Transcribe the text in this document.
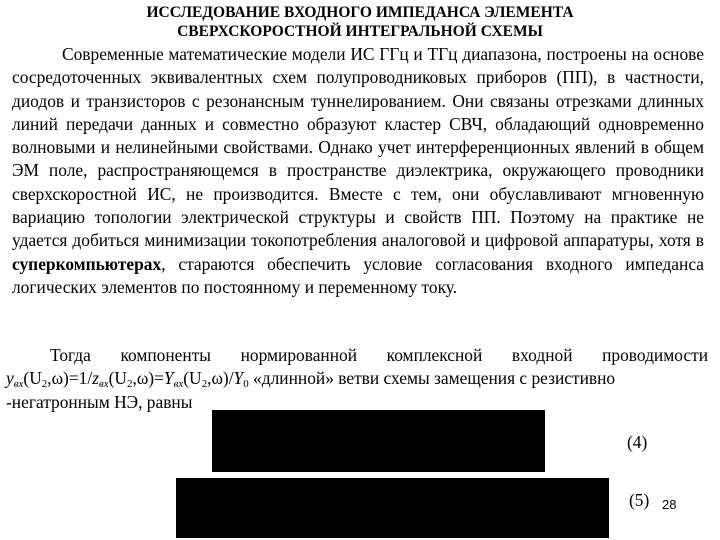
ИССЛЕДОВАНИЕ ВХОДНОГО ИМПЕДАНСА ЭЛЕМЕНТА
СВЕРХСКОРОСТНОЙ ИНТЕГРАЛЬНОЙ СХЕМЫ
Современные математические модели ИС ГГц и ТГц диапазона, построены на основе сосредоточенных эквивалентных схем полупроводниковых приборов (ПП), в частности, диодов и транзисторов с резонансным туннелированием. Они связаны отрезками длинных линий передачи данных и совместно образуют кластер СВЧ, обладающий одновременно волновыми и нелинейными свойствами. Однако учет интерференционных явлений в общем ЭМ поле, распространяющемся в пространстве диэлектрика, окружающего проводники сверхскоростной ИС, не производится. Вместе с тем, они обуславливают мгновенную вариацию топологии электрической структуры и свойств ПП. Поэтому на практике не удается добиться минимизации токопотребления аналоговой и цифровой аппаратуры, хотя в суперкомпьютерах, стараются обеспечить условие согласования входного импеданса логических элементов по постоянному и переменному току.
Тогда компоненты нормированной комплексной входной проводимости
$y_{вх}(U_2,\omega)=1/z_{вх}(U_2,\omega)=Y_{вх}(U_2,\omega)/Y_0$ «длинной» ветви схемы замещения с резистивно
-негатронным НЭ, равны
(4)
(5) 28
